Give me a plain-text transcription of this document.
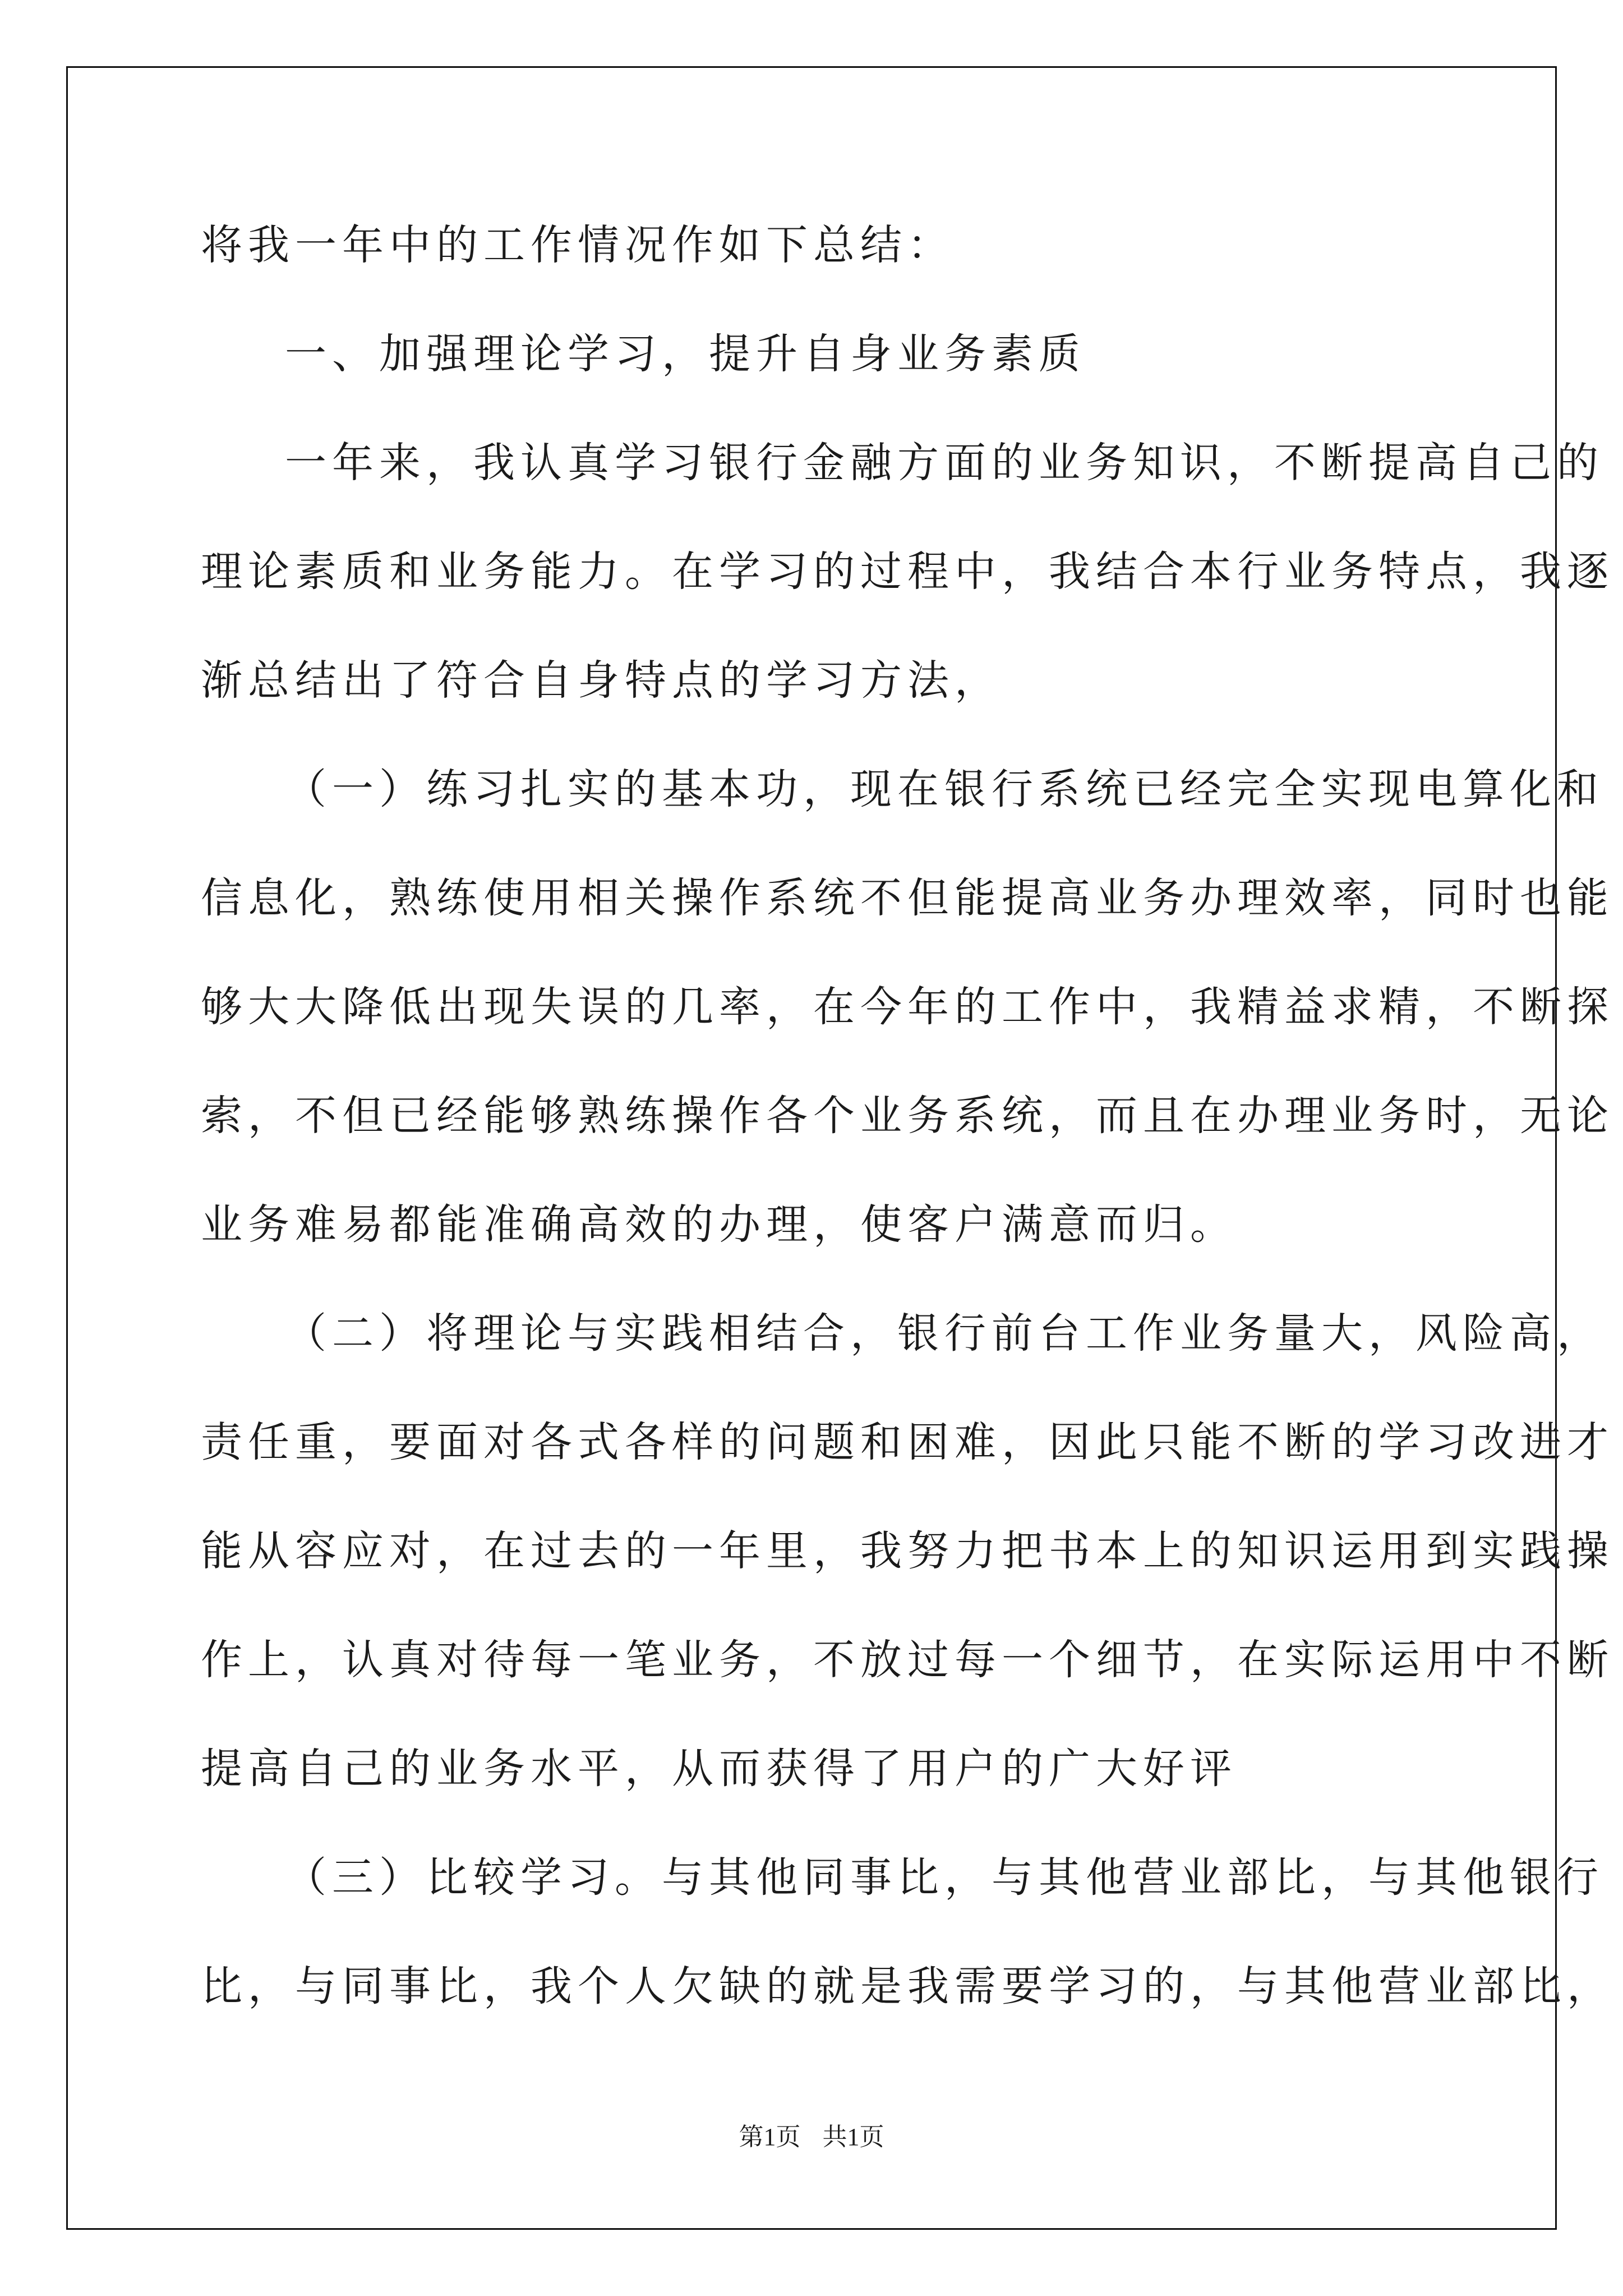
将我一年中的工作情况作如下总结：
一、加强理论学习，提升自身业务素质
一年来，我认真学习银行金融方面的业务知识，不断提高自己的
理论素质和业务能力。在学习的过程中，我结合本行业务特点，我逐
渐总结出了符合自身特点的学习方法，
（一）练习扎实的基本功，现在银行系统已经完全实现电算化和
信息化，熟练使用相关操作系统不但能提高业务办理效率，同时也能
够大大降低出现失误的几率，在今年的工作中，我精益求精，不断探
索，不但已经能够熟练操作各个业务系统，而且在办理业务时，无论
业务难易都能准确高效的办理，使客户满意而归。
（二）将理论与实践相结合，银行前台工作业务量大，风险高，
责任重，要面对各式各样的问题和困难，因此只能不断的学习改进才
能从容应对，在过去的一年里，我努力把书本上的知识运用到实践操
作上，认真对待每一笔业务，不放过每一个细节，在实际运用中不断
提高自己的业务水平，从而获得了用户的广大好评
（三）比较学习。与其他同事比，与其他营业部比，与其他银行
比，与同事比，我个人欠缺的就是我需要学习的，与其他营业部比，
第1页 共1页
